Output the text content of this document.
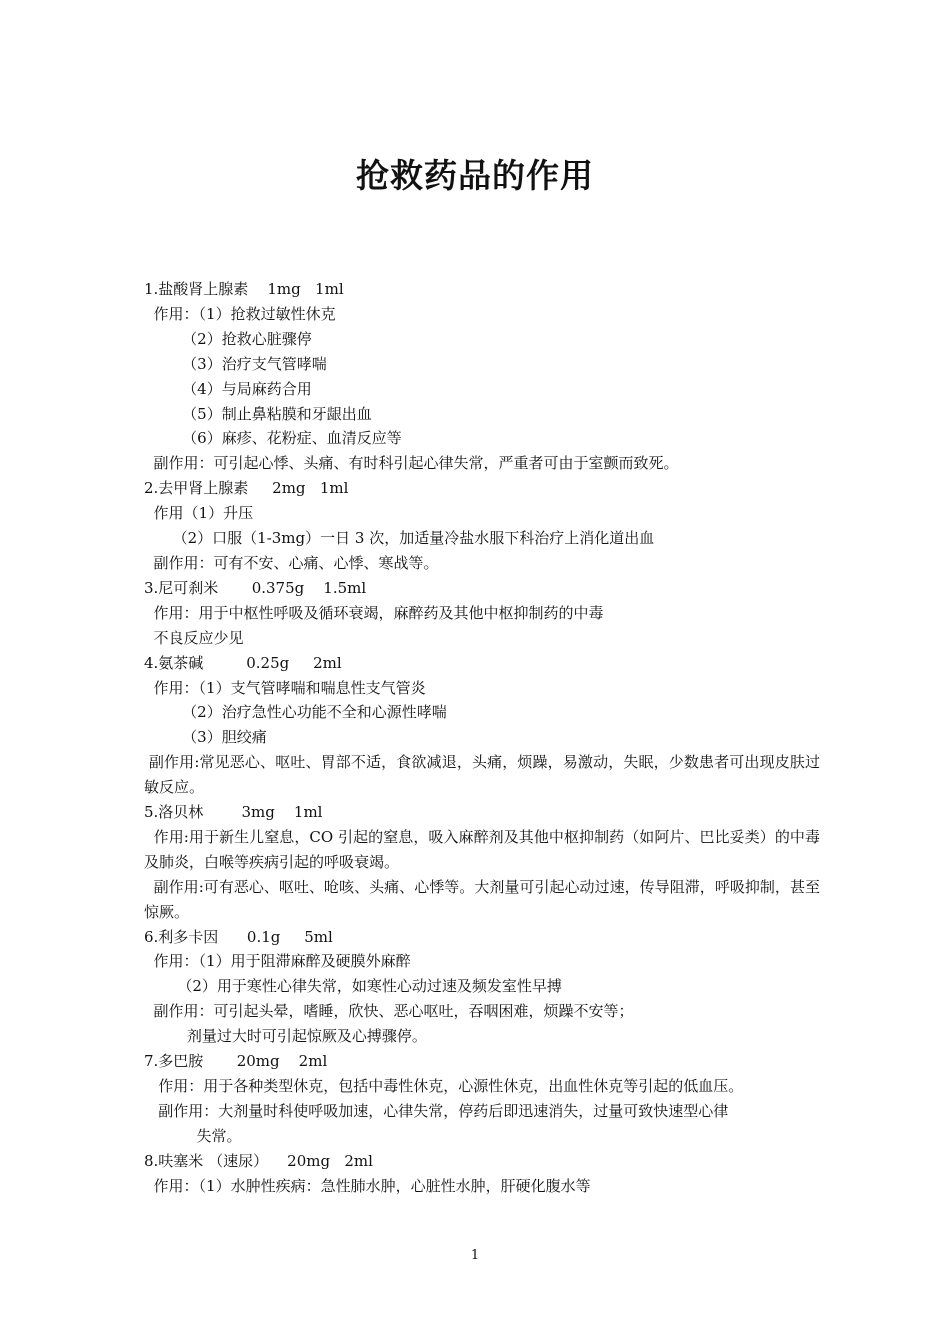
抢救药品的作用

1.盐酸肾上腺素    1mg   1ml

作用：（1）抢救过敏性休克

（2）抢救心脏骤停

（3）治疗支气管哮喘

（4）与局麻药合用

（5）制止鼻粘膜和牙龈出血

（6）麻疹、花粉症、血清反应等

副作用：可引起心悸、头痛、有时科引起心律失常，严重者可由于室颤而致死。

2.去甲肾上腺素     2mg   1ml

作用（1）升压

（2）口服（1-3mg）一日 3 次，加适量冷盐水服下科治疗上消化道出血

副作用：可有不安、心痛、心悸、寒战等。

3.尼可刹米       0.375g    1.5ml

作用：用于中枢性呼吸及循环衰竭，麻醉药及其他中枢抑制药的中毒

不良反应少见

4.氨茶碱         0.25g     2ml

作用：（1）支气管哮喘和喘息性支气管炎

（2）治疗急性心功能不全和心源性哮喘

（3）胆绞痛

副作用:常见恶心、呕吐、胃部不适，食欲减退，头痛，烦躁，易激动，失眠，少数患者可出现皮肤过敏反应。

5.洛贝林        3mg    1ml

作用:用于新生儿窒息，CO 引起的窒息，吸入麻醉剂及其他中枢抑制药（如阿片、巴比妥类）的中毒及肺炎，白喉等疾病引起的呼吸衰竭。

副作用:可有恶心、呕吐、呛咳、头痛、心悸等。大剂量可引起心动过速，传导阻滞，呼吸抑制，甚至惊厥。

6.利多卡因      0.1g     5ml

作用：（1）用于阻滞麻醉及硬膜外麻醉

（2）用于寒性心律失常，如寒性心动过速及频发室性早搏

副作用：可引起头晕，嗜睡，欣快、恶心呕吐，吞咽困难，烦躁不安等；

剂量过大时可引起惊厥及心搏骤停。

7.多巴胺       20mg    2ml

作用：用于各种类型休克，包括中毒性休克，心源性休克，出血性休克等引起的低血压。

副作用：大剂量时科使呼吸加速，心律失常，停药后即迅速消失，过量可致快速型心律

失常。

8.呋塞米 （速尿）    20mg   2ml

作用：（1）水肿性疾病：急性肺水肿，心脏性水肿，肝硬化腹水等

1
